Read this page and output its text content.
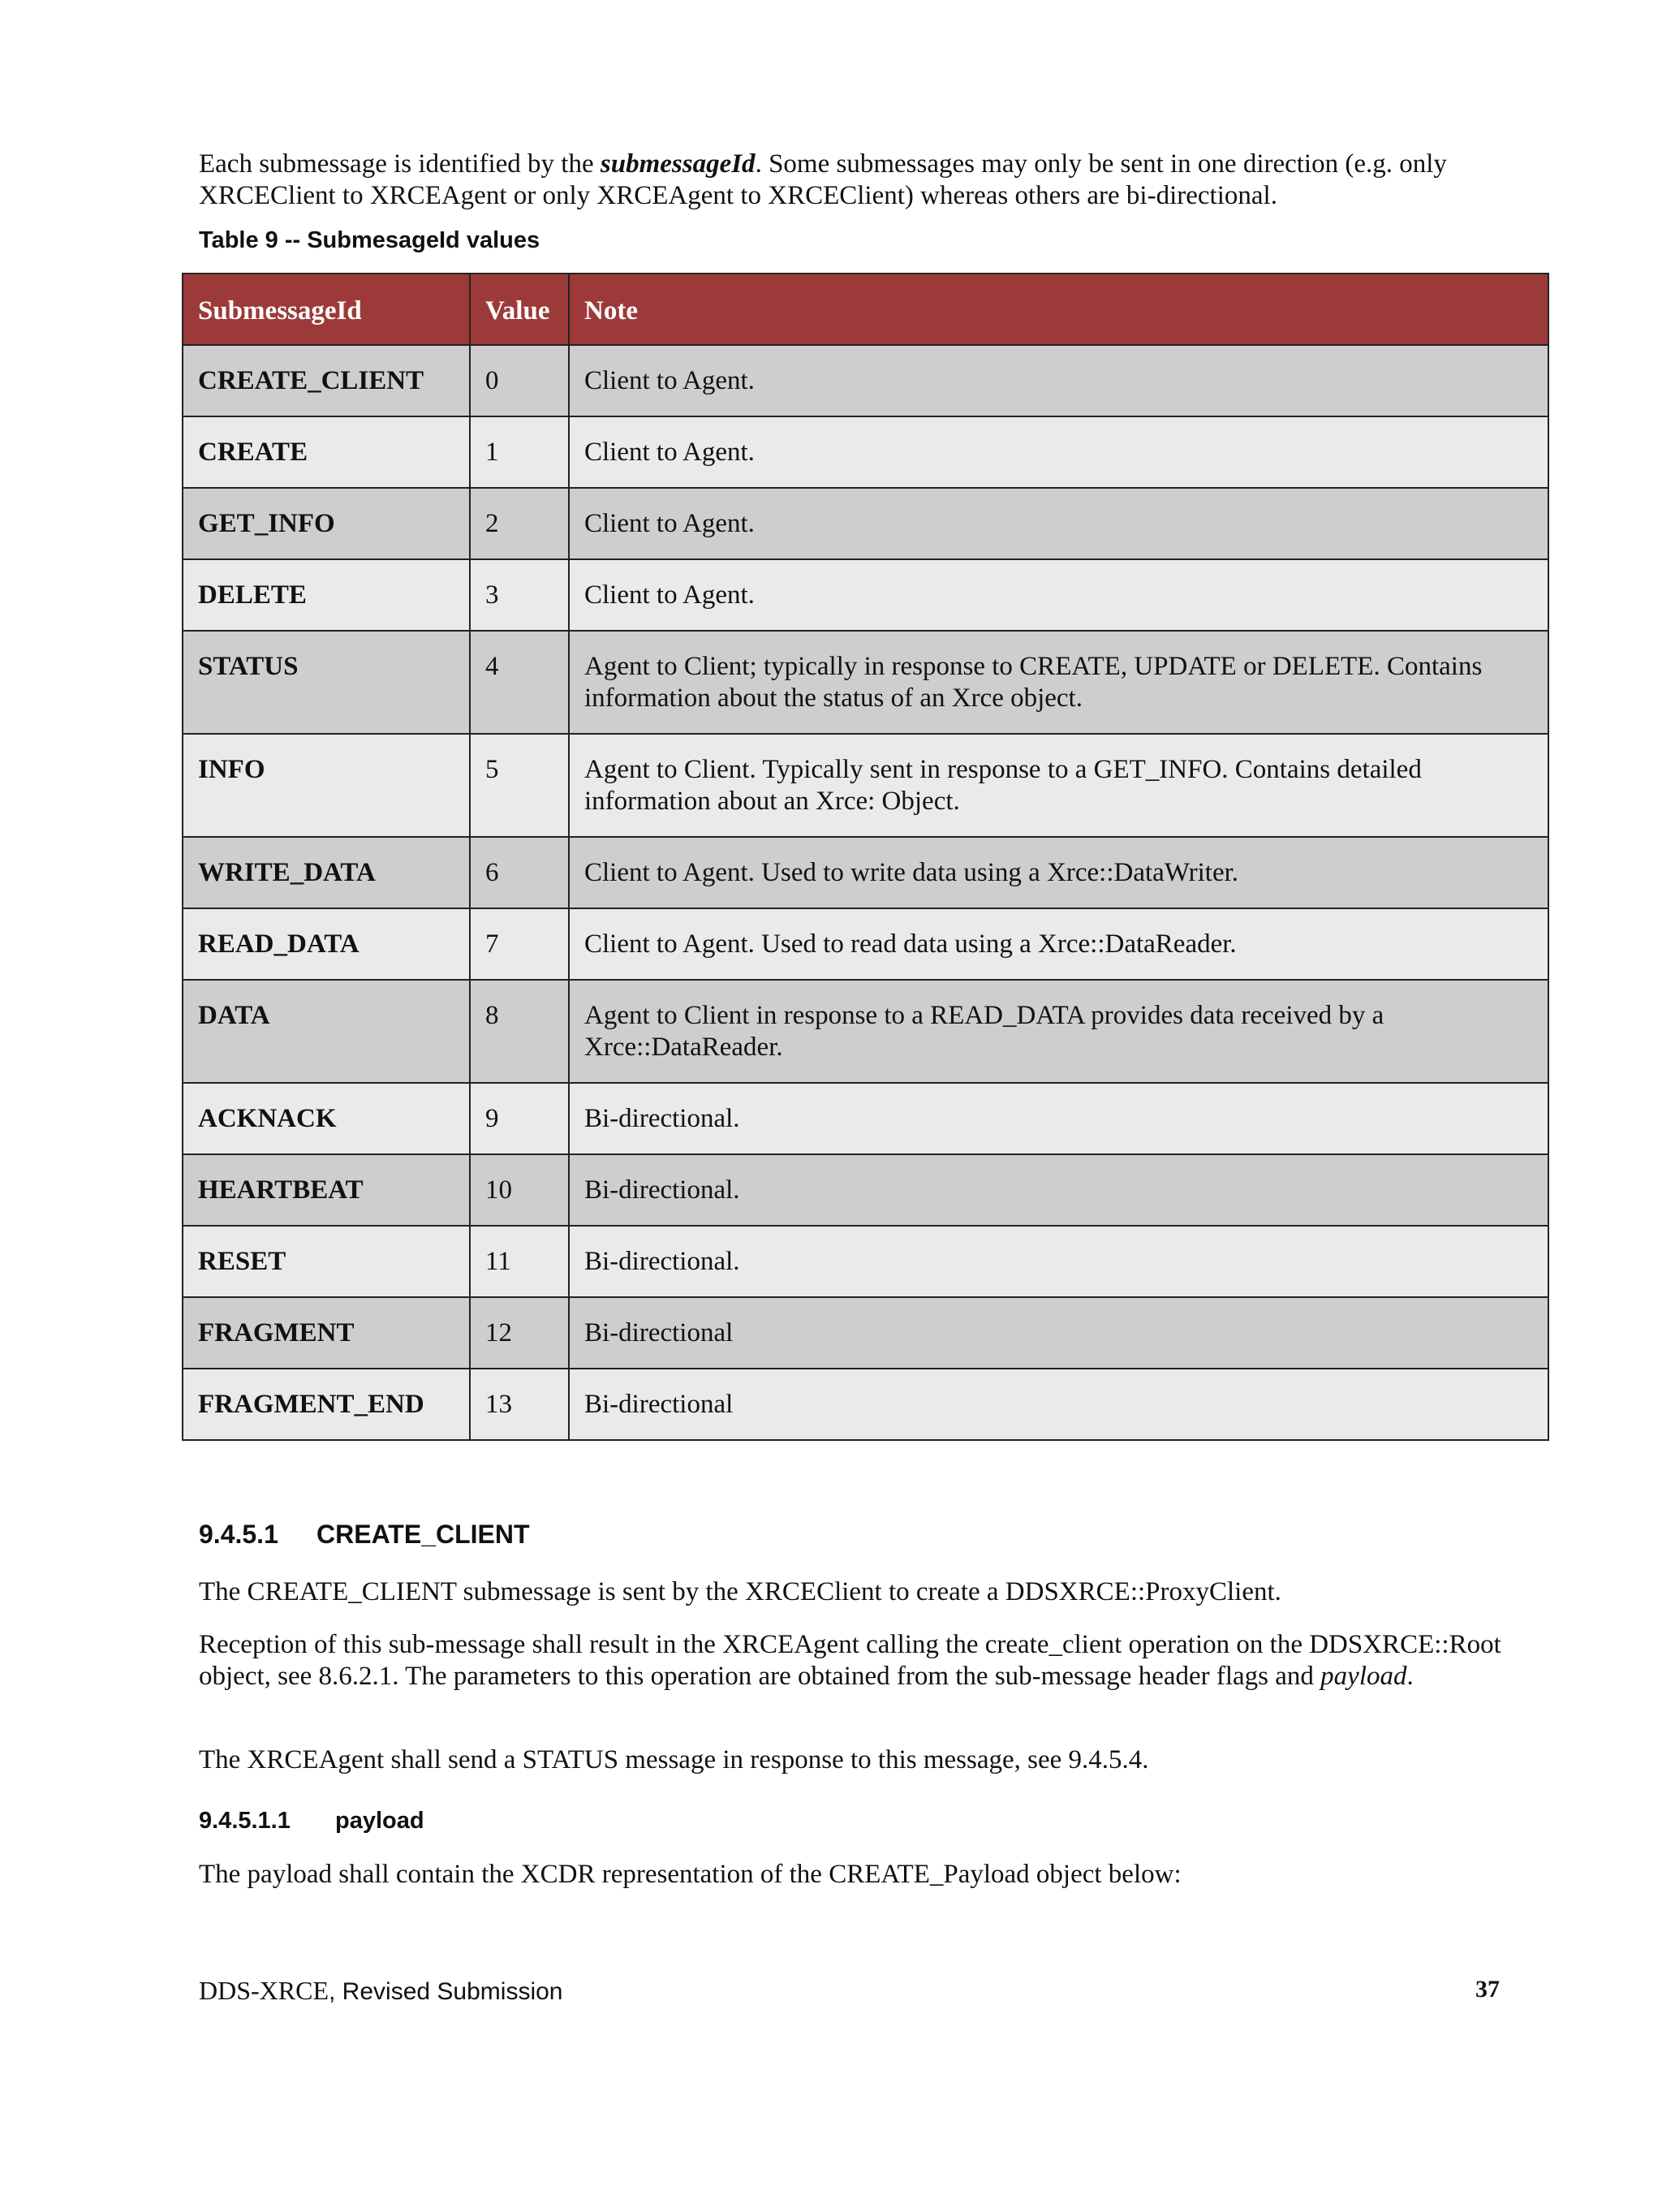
Each submessage is identified by the submessageId. Some submessages may only be sent in one direction (e.g. only XRCEClient to XRCEAgent or only XRCEAgent to XRCEClient) whereas others are bi-directional.

Table 9 -- SubmesageId values

SubmessageId	Value	Note
CREATE_CLIENT	0	Client to Agent.
CREATE	1	Client to Agent.
GET_INFO	2	Client to Agent.
DELETE	3	Client to Agent.
STATUS	4	Agent to Client; typically in response to CREATE, UPDATE or DELETE. Contains information about the status of an Xrce object.
INFO	5	Agent to Client. Typically sent in response to a GET_INFO. Contains detailed information about an Xrce: Object.
WRITE_DATA	6	Client to Agent. Used to write data using a Xrce::DataWriter.
READ_DATA	7	Client to Agent. Used to read data using a Xrce::DataReader.
DATA	8	Agent to Client in response to a READ_DATA provides data received by a Xrce::DataReader.
ACKNACK	9	Bi-directional.
HEARTBEAT	10	Bi-directional.
RESET	11	Bi-directional.
FRAGMENT	12	Bi-directional
FRAGMENT_END	13	Bi-directional
9.4.5.1 CREATE_CLIENT

The CREATE_CLIENT submessage is sent by the XRCEClient to create a DDSXRCE::ProxyClient.

Reception of this sub-message shall result in the XRCEAgent calling the create_client operation on the DDSXRCE::Root object, see 8.6.2.1. The parameters to this operation are obtained from the sub-message header flags and payload.

The XRCEAgent shall send a STATUS message in response to this message, see 9.4.5.4.

9.4.5.1.1 payload

The payload shall contain the XCDR representation of the CREATE_Payload object below:

DDS-XRCE, Revised Submission	37
